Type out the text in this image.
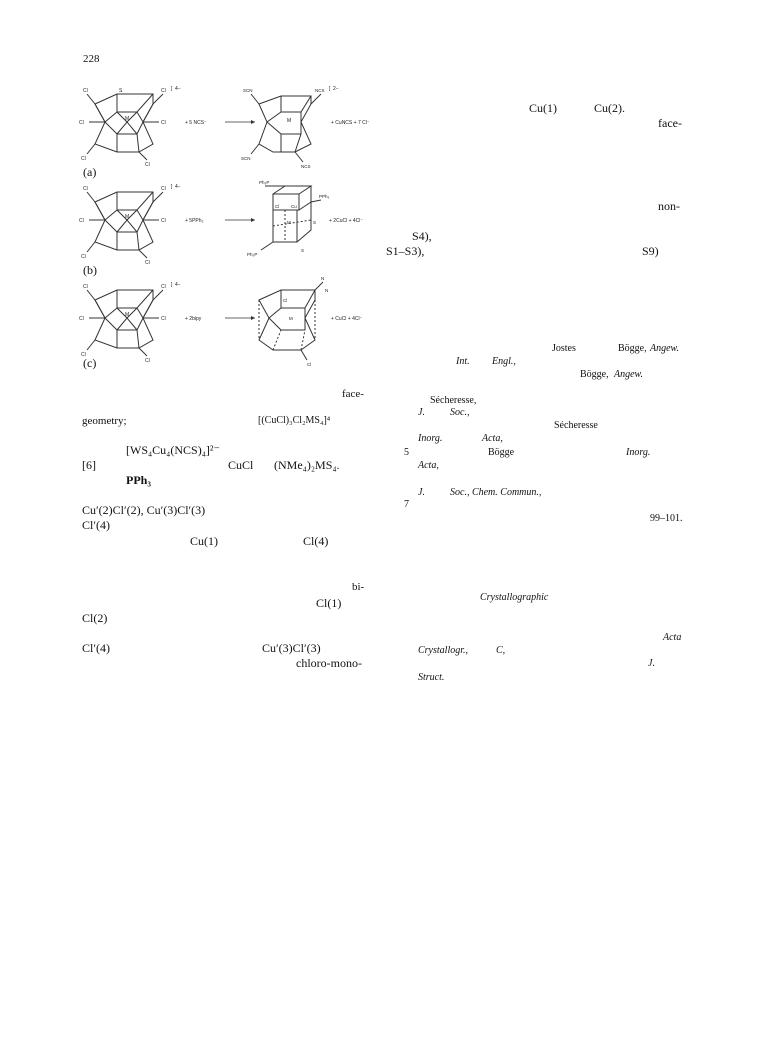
228
Cl	Cl
Cl	Cl
Cl
Cl
S
M
] 4−
+ 5 NCS⁻
SCN	NCS
SCN
NCS
M
] 2−
+ CuNCS + 7 Cl⁻
Cl	Cl
Cl	Cl
Cl
Cl
M
] 4−
+ 5PPh₃
Ph₃P
PPh₃
Cl	Cu
M	S
Ph₃P
S
+ 2CuCl + 4Cl⁻
Cl	Cl
Cl	Cl
Cl
Cl
M
] 4−
+ 2bipy
N
N
Cl
M
Cl
+ CuCl + 4Cl⁻
(a)
(b)
(c)
face-
geometry;	[(CuCl)₃Cl₂MS₄]⁴
[WS₄Cu₄(NCS)₄]²⁻
[6]	CuCl (NMe₄)₂MS₄.
PPh₃
Cu′(2)Cl′(2), Cu′(3)Cl′(3)
Cl′(4)
Cu(1)	Cl(4)
bi-
Cl(1)
Cl(2)
Cl′(4)	Cu′(3)Cl′(3)
chloro-mono-
Cu(1)	Cu(2).
face-
non-
S4),
S1–S3),	S9)
Jostes	Bögge, Angew.
Int. Engl.,
Bögge, Angew.
Sécheresse,
J.	Soc.,
Sécheresse
Inorg.	Acta,
5	Bögge	Inorg.
Acta,
J.	Soc., Chem. Commun.,
7
99–101.
Crystallographic
Acta
Crystallogr.,	C,
J.
Struct.
